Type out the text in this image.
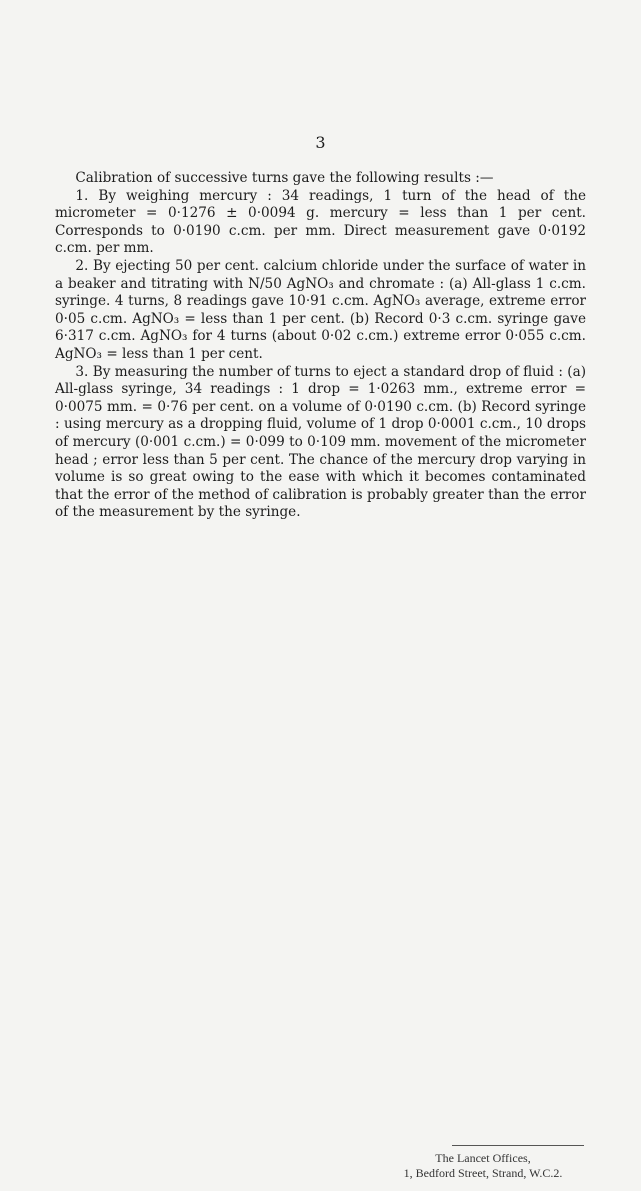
3

Calibration of successive turns gave the following results :—

1. By weighing mercury : 34 readings, 1 turn of the head of the micrometer = 0·1276 ± 0·0094 g. mercury = less than 1 per cent. Corresponds to 0·0190 c.cm. per mm. Direct measurement gave 0·0192 c.cm. per mm.

2. By ejecting 50 per cent. calcium chloride under the surface of water in a beaker and titrating with N/50 AgNO₃ and chromate : (a) All-glass 1 c.cm. syringe. 4 turns, 8 readings gave 10·91 c.cm. AgNO₃ average, extreme error 0·05 c.cm. AgNO₃ = less than 1 per cent. (b) Record 0·3 c.cm. syringe gave 6·317 c.cm. AgNO₃ for 4 turns (about 0·02 c.cm.) extreme error 0·055 c.cm. AgNO₃ = less than 1 per cent.

3. By measuring the number of turns to eject a standard drop of fluid : (a) All-glass syringe, 34 readings : 1 drop = 1·0263 mm., extreme error = 0·0075 mm. = 0·76 per cent. on a volume of 0·0190 c.cm. (b) Record syringe : using mercury as a dropping fluid, volume of 1 drop 0·0001 c.cm., 10 drops of mercury (0·001 c.cm.) = 0·099 to 0·109 mm. movement of the micrometer head ; error less than 5 per cent. The chance of the mercury drop varying in volume is so great owing to the ease with which it becomes contaminated that the error of the method of calibration is probably greater than the error of the measurement by the syringe.

The Lancet Offices,
1, Bedford Street, Strand, W.C.2.
